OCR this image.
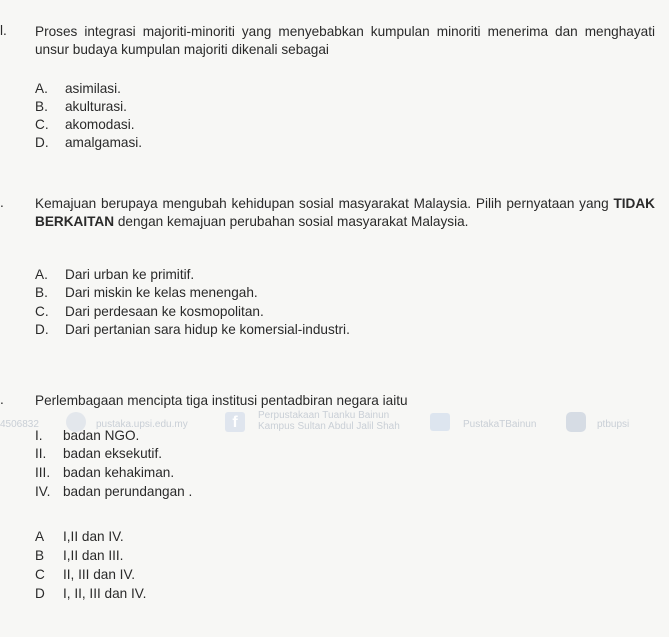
l. Proses integrasi majoriti-minoriti yang menyebabkan kumpulan minoriti menerima dan menghayati unsur budaya kumpulan majoriti dikenali sebagai
A. asimilasi.
B. akulturasi.
C. akomodasi.
D. amalgamasi.
. Kemajuan berupaya mengubah kehidupan sosial masyarakat Malaysia. Pilih pernyataan yang TIDAK BERKAITAN dengan kemajuan perubahan sosial masyarakat Malaysia.
A. Dari urban ke primitif.
B. Dari miskin ke kelas menengah.
C. Dari perdesaan ke kosmopolitan.
D. Dari pertanian sara hidup ke komersial-industri.
4506832	pustaka.upsi.edu.my	f	Perpustakaan Tuanku Bainun
Kampus Sultan Abdul Jalil Shah	PustakaTBainun	ptbupsi
. Perlembagaan mencipta tiga institusi pentadbiran negara iaitu
I. badan NGO.
II. badan eksekutif.
III. badan kehakiman.
IV. badan perundangan .
A I,II dan IV.
B I,II dan III.
C II, III dan IV.
D I, II, III dan IV.
